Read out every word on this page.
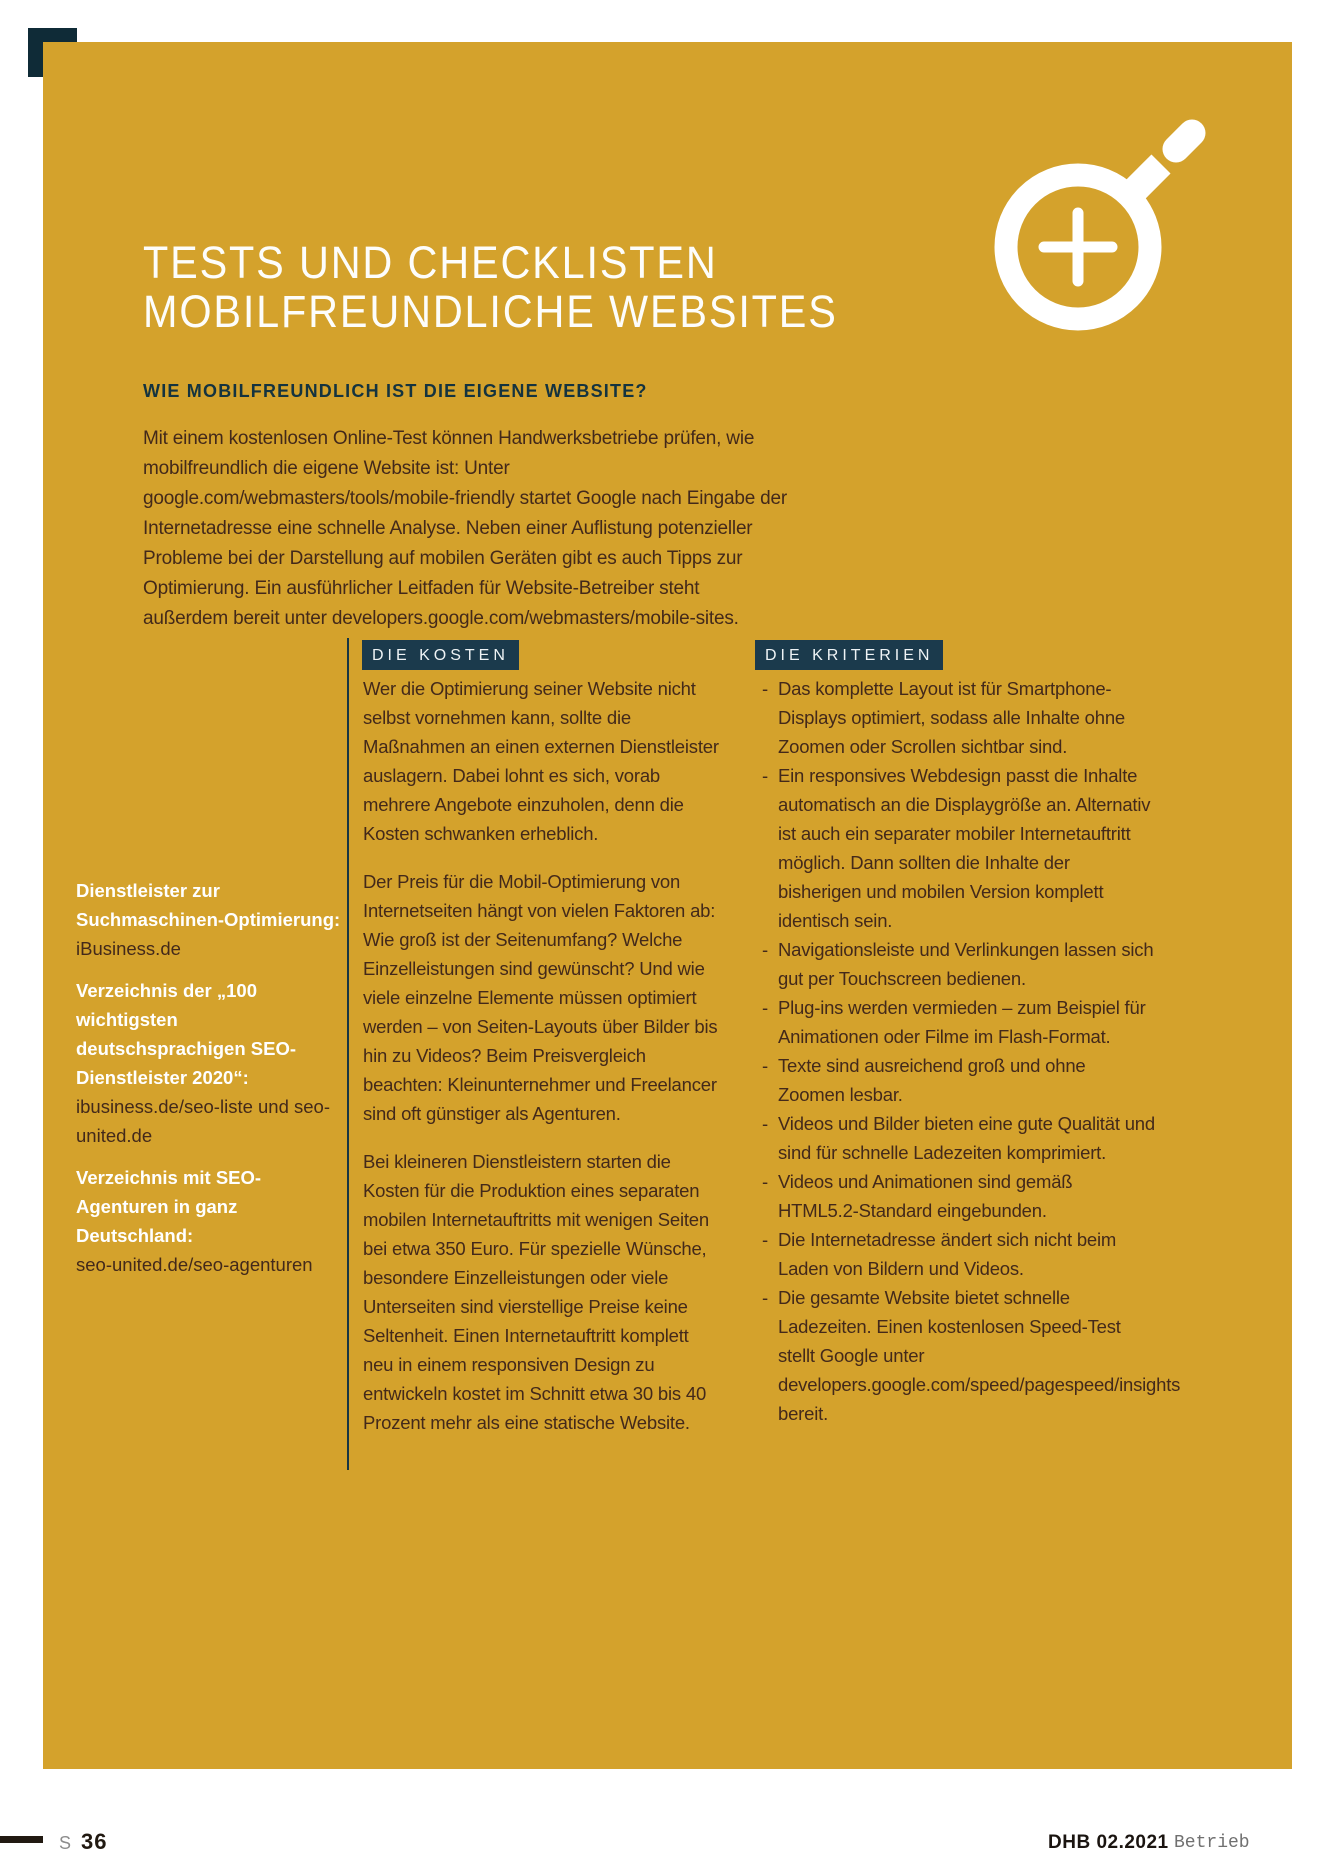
TESTS UND CHECKLISTEN
MOBILFREUNDLICHE WEBSITES
WIE MOBILFREUNDLICH IST DIE EIGENE WEBSITE?
Mit einem kostenlosen Online-Test können Handwerksbetriebe prüfen, wie mobilfreundlich die eigene Website ist: Unter google.com/webmasters/tools/mobile-friendly startet Google nach Eingabe der Internetadresse eine schnelle Analyse. Neben einer Auflistung potenzieller Probleme bei der Darstellung auf mobilen Geräten gibt es auch Tipps zur Optimierung. Ein ausführlicher Leitfaden für Website-Betreiber steht außerdem bereit unter developers.google.com/webmasters/mobile-sites.
DIE KOSTEN

Wer die Optimierung seiner Website nicht selbst vornehmen kann, sollte die Maßnahmen an einen externen Dienstleister auslagern. Dabei lohnt es sich, vorab mehrere Angebote einzuholen, denn die Kosten schwanken erheblich.

Der Preis für die Mobil-Optimierung von Internetseiten hängt von vielen Faktoren ab: Wie groß ist der Seitenumfang? Welche Einzelleistungen sind gewünscht? Und wie viele einzelne Elemente müssen optimiert werden – von Seiten-Layouts über Bilder bis hin zu Videos? Beim Preisvergleich beachten: Kleinunternehmer und Freelancer sind oft günstiger als Agenturen.

Bei kleineren Dienstleistern starten die Kosten für die Produktion eines separaten mobilen Internetauftritts mit wenigen Seiten bei etwa 350 Euro. Für spezielle Wünsche, besondere Einzelleistungen oder viele Unterseiten sind vierstellige Preise keine Seltenheit. Einen Internetauftritt komplett neu in einem responsiven Design zu entwickeln kostet im Schnitt etwa 30 bis 40 Prozent mehr als eine statische Website.

DIE KRITERIEN
- Das komplette Layout ist für Smartphone-Displays optimiert, sodass alle Inhalte ohne Zoomen oder Scrollen sichtbar sind.
- Ein responsives Webdesign passt die Inhalte automatisch an die Displaygröße an. Alternativ ist auch ein separater mobiler Internetauftritt möglich. Dann sollten die Inhalte der bisherigen und mobilen Version komplett identisch sein.
- Navigationsleiste und Verlinkungen lassen sich gut per Touchscreen bedienen.
- Plug-ins werden vermieden – zum Beispiel für Animationen oder Filme im Flash-Format.
- Texte sind ausreichend groß und ohne Zoomen lesbar.
- Videos und Bilder bieten eine gute Qualität und sind für schnelle Ladezeiten komprimiert.
- Videos und Animationen sind gemäß HTML5.2-Standard eingebunden.
- Die Internetadresse ändert sich nicht beim Laden von Bildern und Videos.
- Die gesamte Website bietet schnelle Ladezeiten. Einen kostenlosen Speed-Test stellt Google unter developers.google.com/speed/pagespeed/insights bereit.
Dienstleister zur Suchmaschinen-Optimierung:
iBusiness.de
Verzeichnis der „100 wichtigsten deutschsprachigen SEO-Dienstleister 2020“:
ibusiness.de/seo-liste und seo-united.de
Verzeichnis mit SEO-Agenturen in ganz Deutschland:
seo-united.de/seo-agenturen
S 36	DHB 02.2021 Betrieb
